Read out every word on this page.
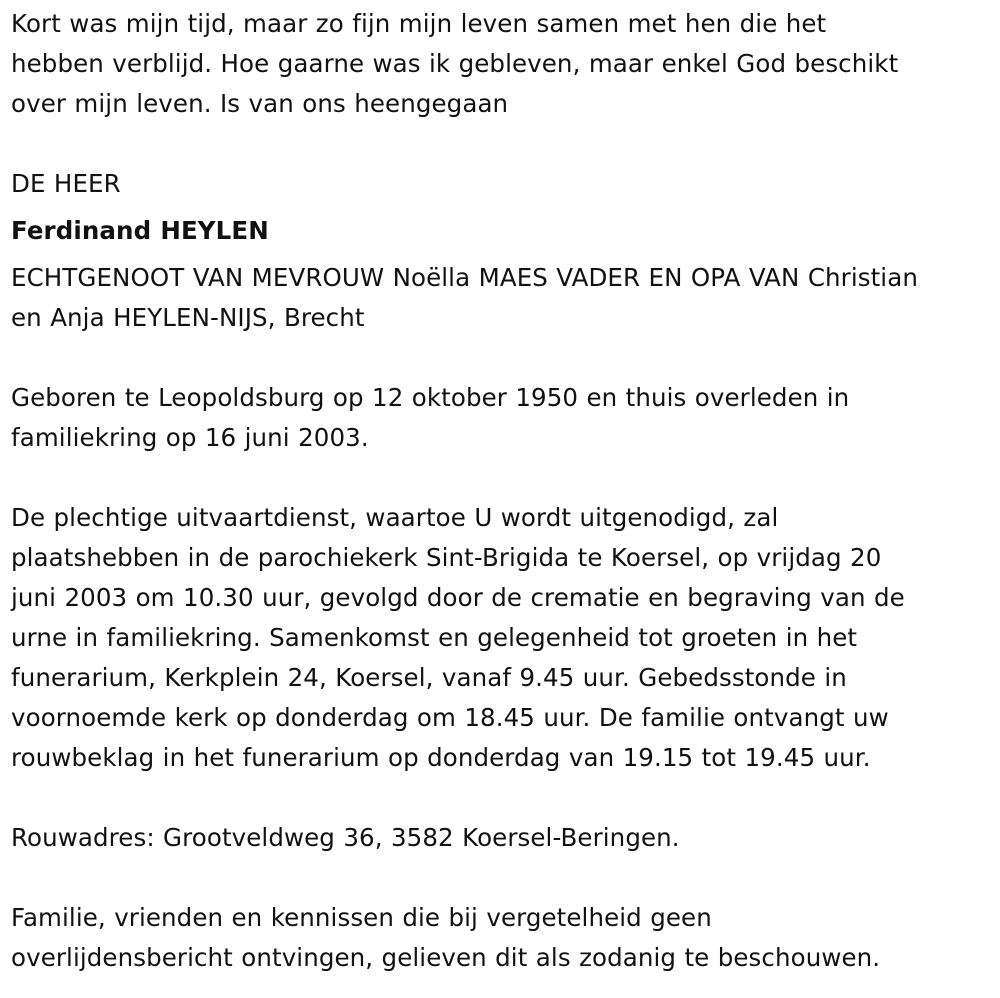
Kort was mijn tijd, maar zo fijn mijn leven samen met hen die het
hebben verblijd. Hoe gaarne was ik gebleven, maar enkel God beschikt
over mijn leven. Is van ons heengegaan

DE HEER

Ferdinand HEYLEN

ECHTGENOOT VAN MEVROUW Noëlla MAES VADER EN OPA VAN Christian
en Anja HEYLEN-NIJS, Brecht

Geboren te Leopoldsburg op 12 oktober 1950 en thuis overleden in
familiekring op 16 juni 2003.

De plechtige uitvaartdienst, waartoe U wordt uitgenodigd, zal
plaatshebben in de parochiekerk Sint-Brigida te Koersel, op vrijdag 20
juni 2003 om 10.30 uur, gevolgd door de crematie en begraving van de
urne in familiekring. Samenkomst en gelegenheid tot groeten in het
funerarium, Kerkplein 24, Koersel, vanaf 9.45 uur. Gebedsstonde in
voornoemde kerk op donderdag om 18.45 uur. De familie ontvangt uw
rouwbeklag in het funerarium op donderdag van 19.15 tot 19.45 uur.

Rouwadres: Grootveldweg 36, 3582 Koersel-Beringen.

Familie, vrienden en kennissen die bij vergetelheid geen
overlijdensbericht ontvingen, gelieven dit als zodanig te beschouwen.
